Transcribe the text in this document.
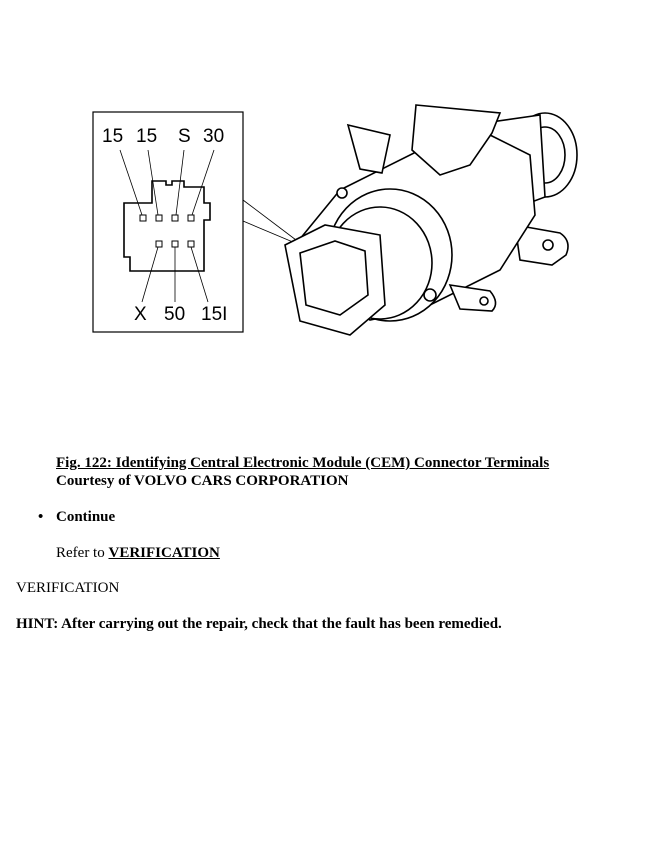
15 15 S 30
X 50 15I
Fig. 122: Identifying Central Electronic Module (CEM) Connector Terminals
Courtesy of VOLVO CARS CORPORATION
• Continue
Refer to VERIFICATION
VERIFICATION
HINT: After carrying out the repair, check that the fault has been remedied.
